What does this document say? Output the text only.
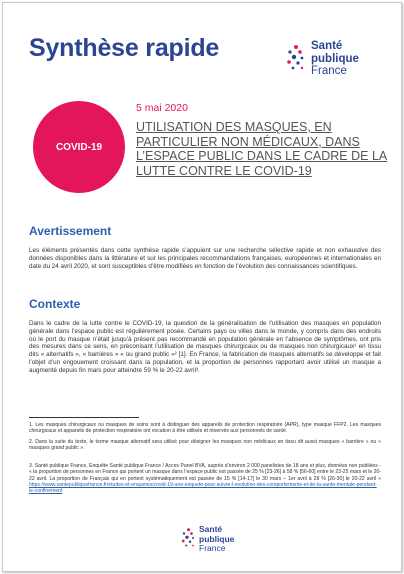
Synthèse rapide	Santé
publique
France
COVID-19
5 mai 2020
UTILISATION DES MASQUES, EN PARTICULIER NON MÉDICAUX, DANS L’ESPACE PUBLIC DANS LE CADRE DE LA LUTTE CONTRE LE COVID-19
Avertissement
Les éléments présentés dans cette synthèse rapide s’appuient sur une recherche sélective rapide et non exhaustive des données disponibles dans la littérature et sur les principales recommandations françaises, européennes et internationales en date du 24 avril 2020, et sont susceptibles d’être modifiées en fonction de l’évolution des connaissances scientifiques.
Contexte
Dans le cadre de la lutte contre le COVID-19, la question de la généralisation de l’utilisation des masques en population générale dans l’espace public est régulièrement posée. Certains pays ou villes dans le monde, y compris dans des endroits où le port du masque n’était jusqu’à présent pas recommandé en population générale en l’absence de symptômes, ont pris des mesures dans ce sens, en préconisant l’utilisation de masques chirurgicaux ou de masques non chirurgicaux¹ en tissu dits « alternatifs », « barrières » « ou grand public »² [1]. En France, la fabrication de masques alternatifs se développe et fait l’objet d’un engouement croissant dans la population, et la proportion de personnes rapportant avoir utilisé un masque a augmenté depuis fin mars pour atteindre 59 % le 20-22 avril³.
1. Les masques chirurgicaux ou masques de soins sont à distinguer des appareils de protection respiratoire (APR), type masque FFP2. Les masques chirurgicaux et appareils de protection respiratoire ont vocation à être utilisés et réservés aux personnels de santé.
2. Dans la suite du texte, le terme masque alternatif sera utilisé pour désigner les masques non médicaux en tissu dit aussi masques « barrière » ou « masques grand public ».
3. Santé publique France, Enquête Santé publique France / Acces Panel BVA, auprès d’environ 2 000 panelistes de 18 ans et plus, données non publiées - « la proportion de personnes en France qui portent un masque dans l’espace public est passée de 25 % [23-26] à 58 % [56-60] entre le 23-25 mars et le 20-22 avril. La proportion de Français qui en portent systématiquement est passée de 15 % [14-17] le 30 mars – 1er avril à 28 % [26-30] le 20-22 avril » https://www.santepubliquefrance.fr/etudes-et-enquetes/covid-19-une-enquete-pour-suivre-l-evolution-des-comportements-et-de-la-sante-mentale-pendant-le-confinement
Santé
publique
France
